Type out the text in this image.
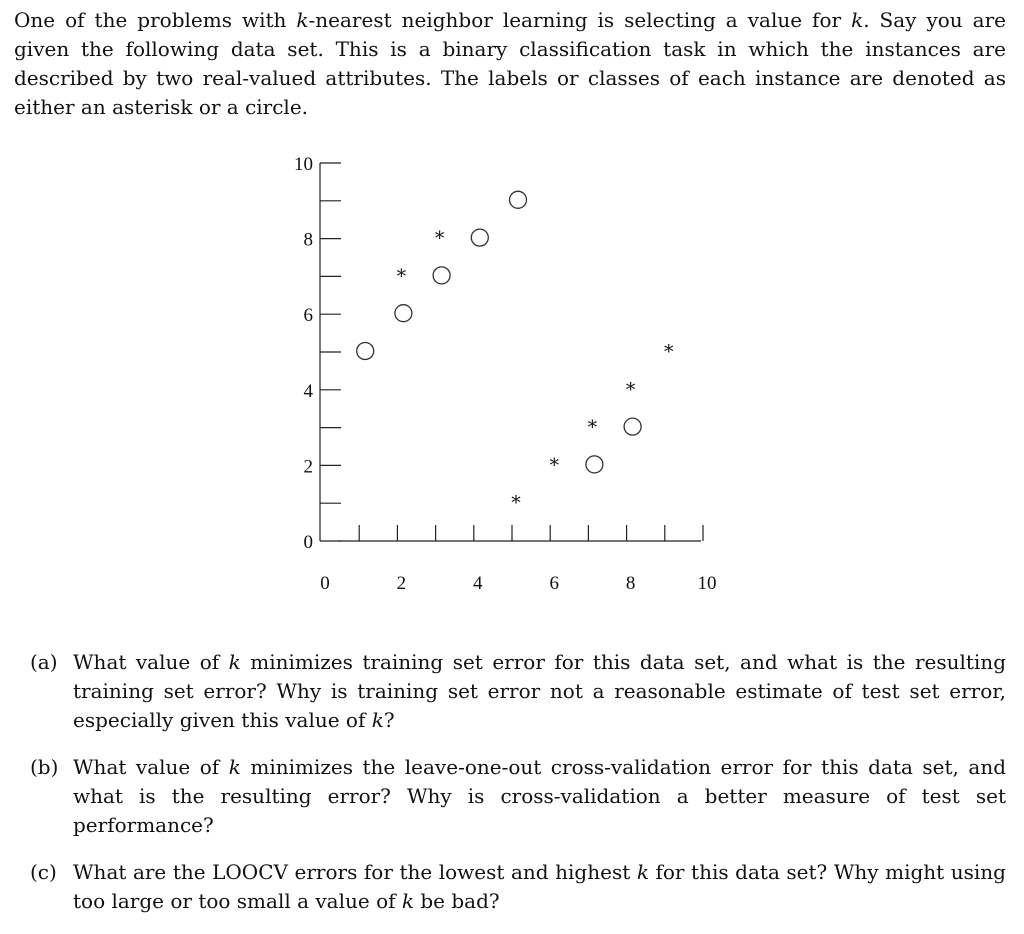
One of the problems with k-nearest neighbor learning is selecting a value for k. Say you are given the following data set. This is a binary classification task in which the instances are described by two real-valued attributes. The labels or classes of each instance are denoted as either an asterisk or a circle.

0
2
4
6
8
10
0	2	4	6	8	10
*
*
*
*
*
*
*
(a) What value of k minimizes training set error for this data set, and what is the resulting training set error? Why is training set error not a reasonable estimate of test set error, especially given this value of k?
(b) What value of k minimizes the leave-one-out cross-validation error for this data set, and what is the resulting error? Why is cross-validation a better measure of test set performance?
(c) What are the LOOCV errors for the lowest and highest k for this data set? Why might using too large or too small a value of k be bad?
